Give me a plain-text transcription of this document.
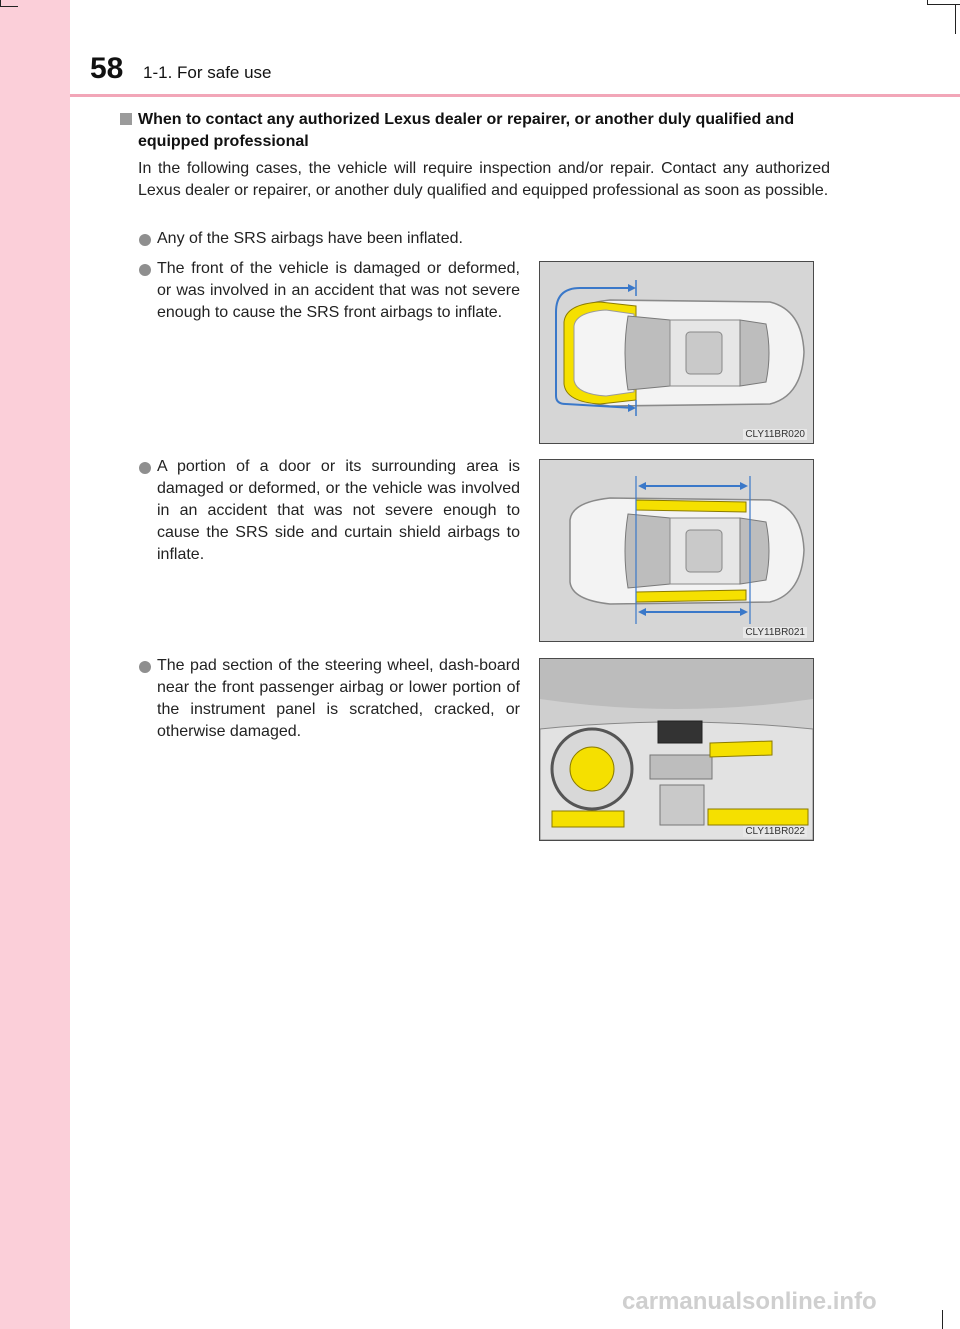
58 1-1. For safe use
When to contact any authorized Lexus dealer or repairer, or another duly qualified and equipped professional
In the following cases, the vehicle will require inspection and/or repair. Contact any authorized Lexus dealer or repairer, or another duly qualified and equipped professional as soon as possible.
Any of the SRS airbags have been inflated.
The front of the vehicle is damaged or deformed, or was involved in an accident that was not severe enough to cause the SRS front airbags to inflate.
CLY11BR020
A portion of a door or its surrounding area is damaged or deformed, or the vehicle was involved in an accident that was not severe enough to cause the SRS side and curtain shield airbags to inflate.
CLY11BR021
The pad section of the steering wheel, dash-board near the front passenger airbag or lower portion of the instrument panel is scratched, cracked, or otherwise damaged.
CLY11BR022
carmanualsonline.info
